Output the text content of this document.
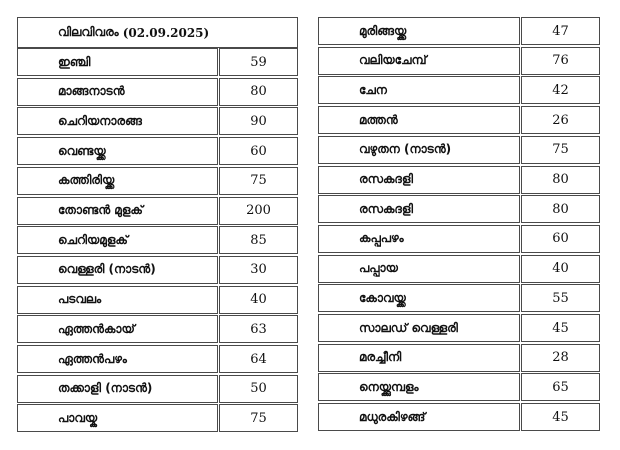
വിലവിവരം (02.09.2025)
ഇഞ്ചി	59
മാങ്ങനാടൻ	80
ചെറിയനാരങ്ങ	90
വെണ്ടയ്ക്ക	60
കത്തിരിയ്ക്ക	75
തോണ്ടൻ മുളക്	200
ചെറിയമുളക്	85
വെള്ളരി (നാടൻ)	30
പടവലം	40
ഏത്തൻകായ്	63
ഏത്തൻപഴം	64
തക്കാളി (നാടൻ)	50
പാവയ്ക	75
മുരിങ്ങയ്ക്ക	47
വലിയചേമ്പ്	76
ചേന	42
മത്തൻ	26
വഴുതന (നാടൻ)	75
രസകദളി	80
രസകദളി	80
കപ്പപഴം	60
പപ്പായ	40
കോവയ്ക്ക	55
സാലഡ് വെള്ളരി	45
മരച്ചീനി	28
നെയ്ക്കുമ്പളം	65
മധുരകിഴങ്ങ്	45
